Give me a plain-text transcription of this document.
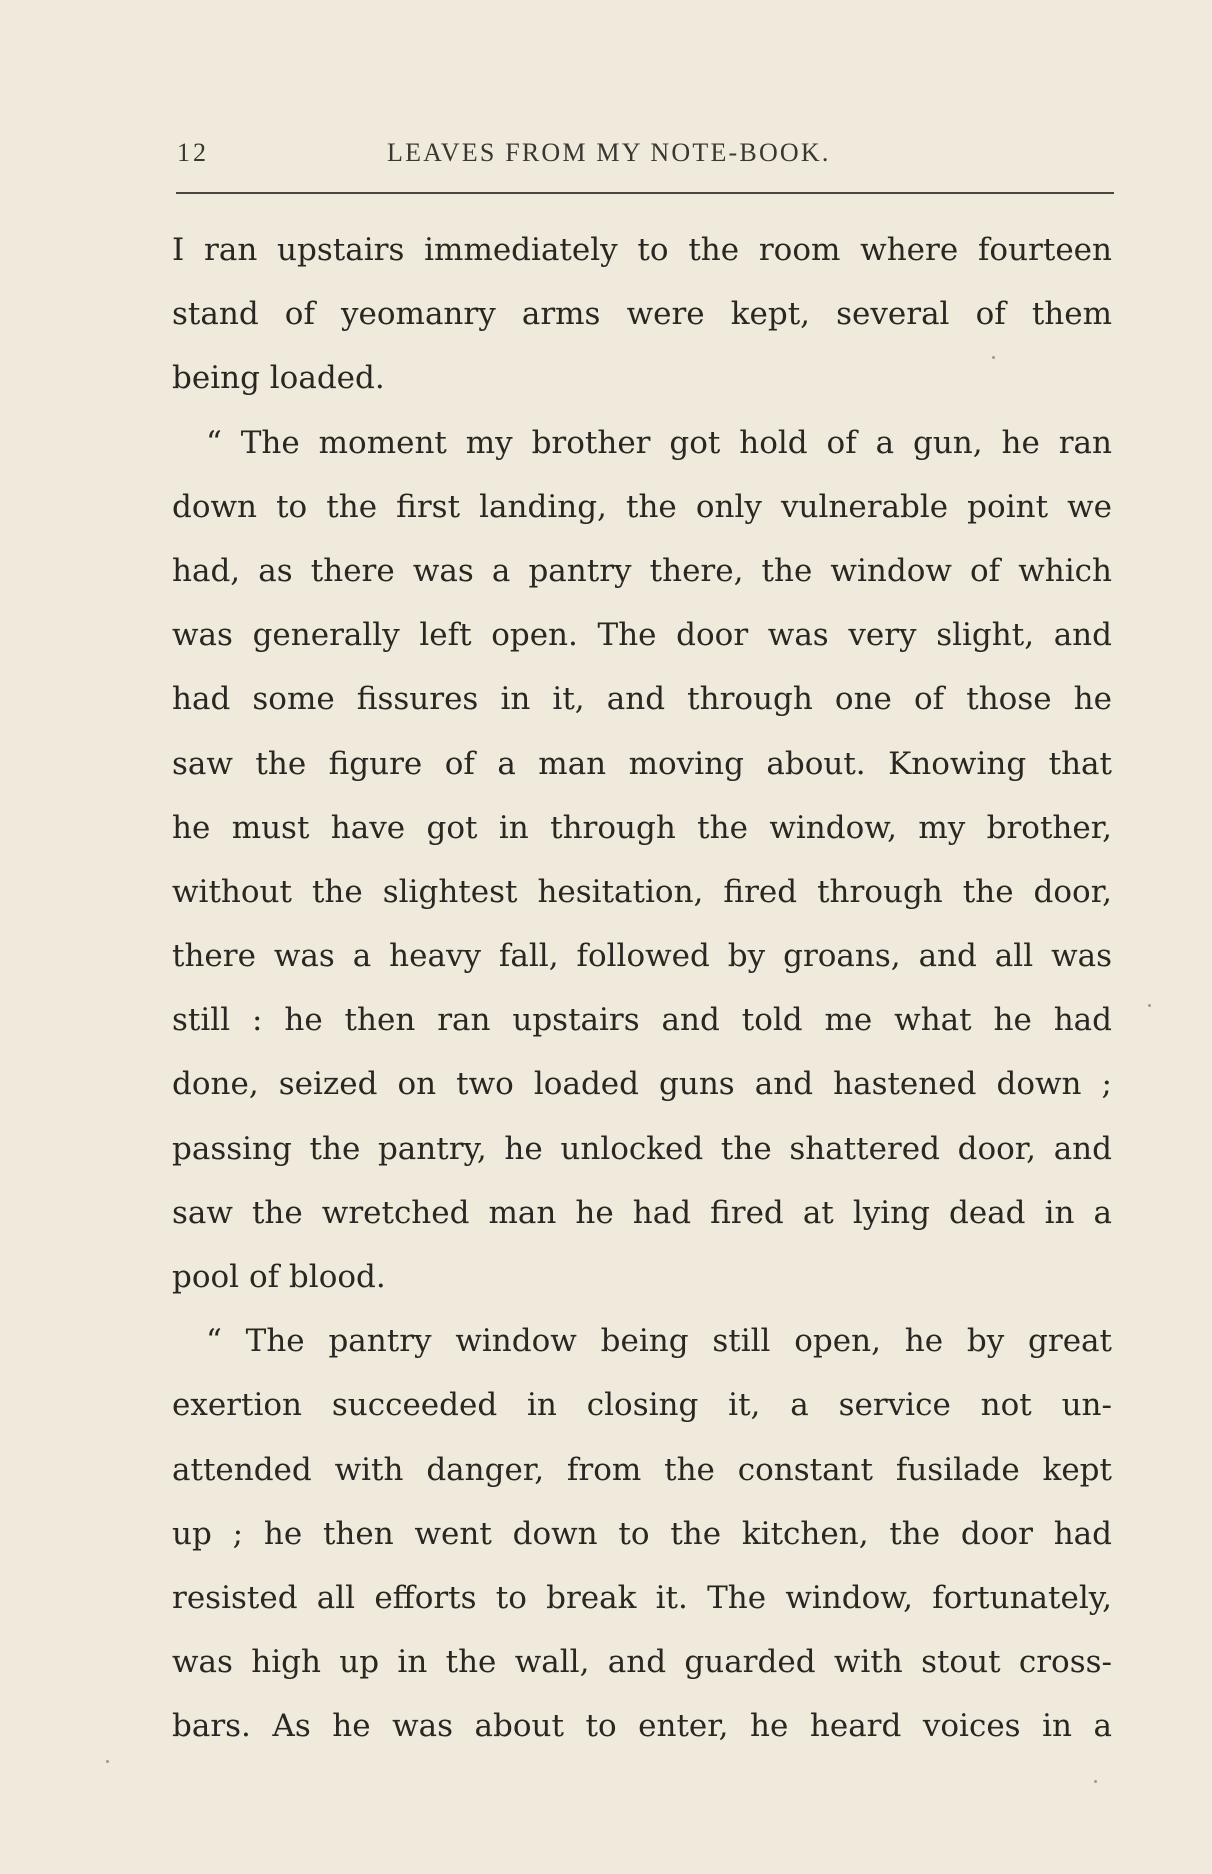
12	LEAVES FROM MY NOTE-BOOK.
I ran upstairs immediately to the room where fourteen
stand of yeomanry arms were kept, several of them
being loaded.
“ The moment my brother got hold of a gun, he ran
down to the first landing, the only vulnerable point we
had, as there was a pantry there, the window of which
was generally left open. The door was very slight, and
had some fissures in it, and through one of those he
saw the figure of a man moving about. Knowing that
he must have got in through the window, my brother,
without the slightest hesitation, fired through the door,
there was a heavy fall, followed by groans, and all was
still : he then ran upstairs and told me what he had
done, seized on two loaded guns and hastened down ;
passing the pantry, he unlocked the shattered door, and
saw the wretched man he had fired at lying dead in a
pool of blood.
“ The pantry window being still open, he by great
exertion succeeded in closing it, a service not un-
attended with danger, from the constant fusilade kept
up ; he then went down to the kitchen, the door had
resisted all efforts to break it. The window, fortunately,
was high up in the wall, and guarded with stout cross-
bars. As he was about to enter, he heard voices in a
